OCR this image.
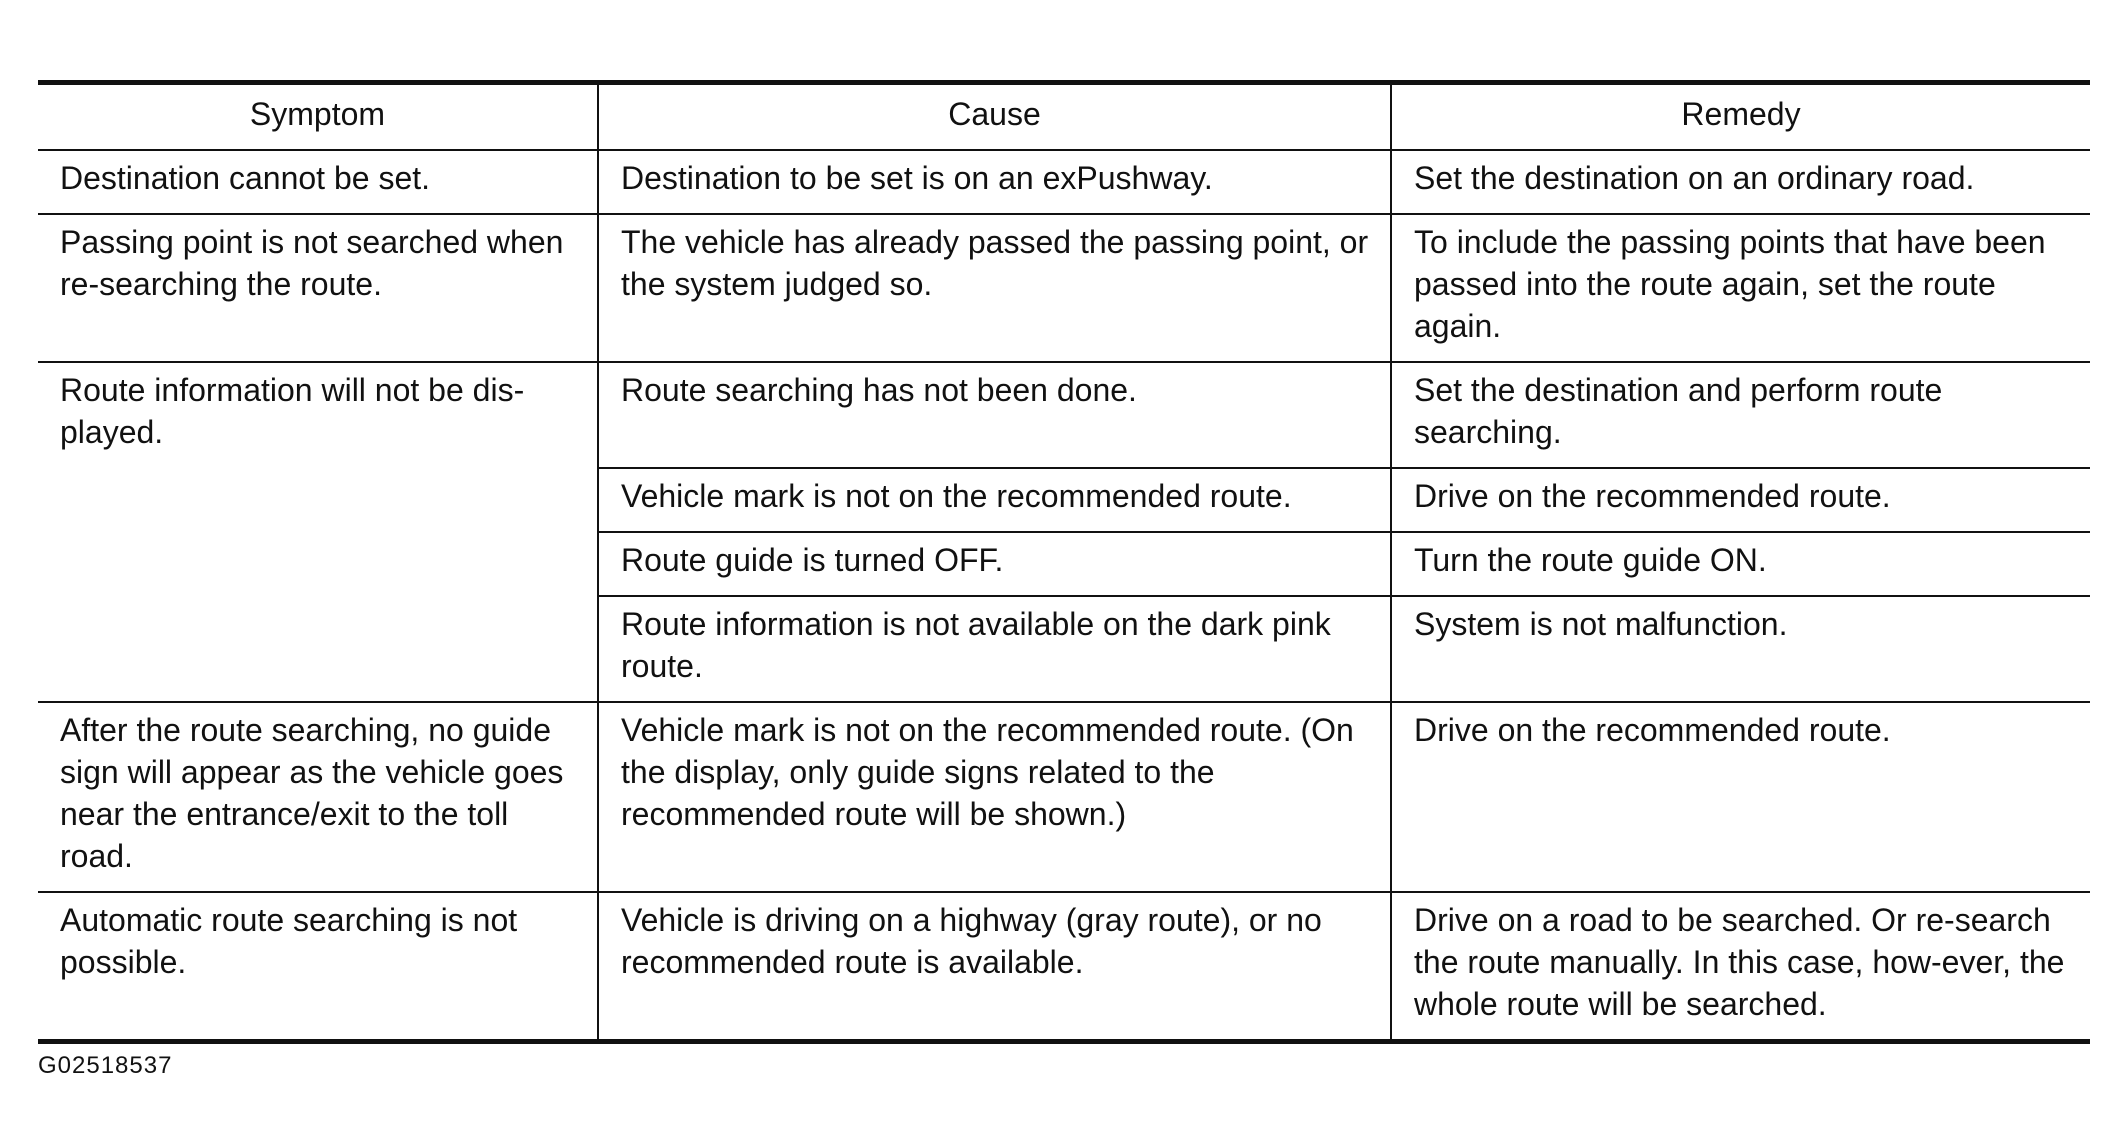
Symptom	Cause	Remedy
Destination cannot be set.	Destination to be set is on an exPushway.	Set the destination on an ordinary road.
Passing point is not searched when re-searching the route.	The vehicle has already passed the passing point, or the system judged so.	To include the passing points that have been passed into the route again, set the route again.
Route information will not be dis-played.	Route searching has not been done.	Set the destination and perform route searching.
	Vehicle mark is not on the recommended route.	Drive on the recommended route.
	Route guide is turned OFF.	Turn the route guide ON.
	Route information is not available on the dark pink route.	System is not malfunction.
After the route searching, no guide sign will appear as the vehicle goes near the entrance/exit to the toll road.	Vehicle mark is not on the recommended route. (On the display, only guide signs related to the recommended route will be shown.)	Drive on the recommended route.
Automatic route searching is not possible.	Vehicle is driving on a highway (gray route), or no recommended route is available.	Drive on a road to be searched. Or re-search the route manually. In this case, how-ever, the whole route will be searched.
G02518537
